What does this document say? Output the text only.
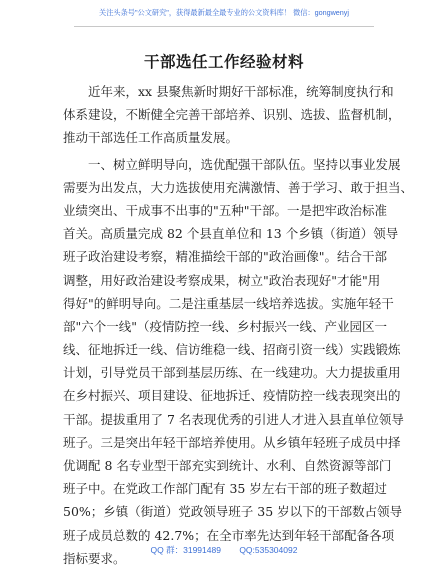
关注头条号"公文研究"，获得最新最全最专业的公文资料库！ 微信：gongwenyj
干部选任工作经验材料
近年来，xx 县聚焦新时期好干部标准，统筹制度执行和
体系建设，不断健全完善干部培养、识别、选拔、监督机制，
推动干部选任工作高质量发展。
一、树立鲜明导向，选优配强干部队伍。坚持以事业发展
需要为出发点，大力选拔使用充满激情、善于学习、敢于担当、
业绩突出、干成事不出事的"五种"干部。一是把牢政治标准
首关。高质量完成 82 个县直单位和 13 个乡镇（街道）领导
班子政治建设考察，精准描绘干部的"政治画像"。结合干部
调整，用好政治建设考察成果，树立"政治表现好"才能"用
得好"的鲜明导向。二是注重基层一线培养选拔。实施年轻干
部"六个一线"（疫情防控一线、乡村振兴一线、产业园区一
线、征地拆迁一线、信访维稳一线、招商引资一线）实践锻炼
计划，引导党员干部到基层历练、在一线建功。大力提拔重用
在乡村振兴、项目建设、征地拆迁、疫情防控一线表现突出的
干部。提拔重用了 7 名表现优秀的引进人才进入县直单位领导
班子。三是突出年轻干部培养使用。从乡镇年轻班子成员中择
优调配 8 名专业型干部充实到统计、水利、自然资源等部门
班子中。在党政工作部门配有 35 岁左右干部的班子数超过
50%；乡镇（街道）党政领导班子 35 岁以下的干部数占领导
班子成员总数的 42.7%；在全市率先达到年轻干部配备各项
指标要求。
QQ 群：31991489 QQ:535304092
